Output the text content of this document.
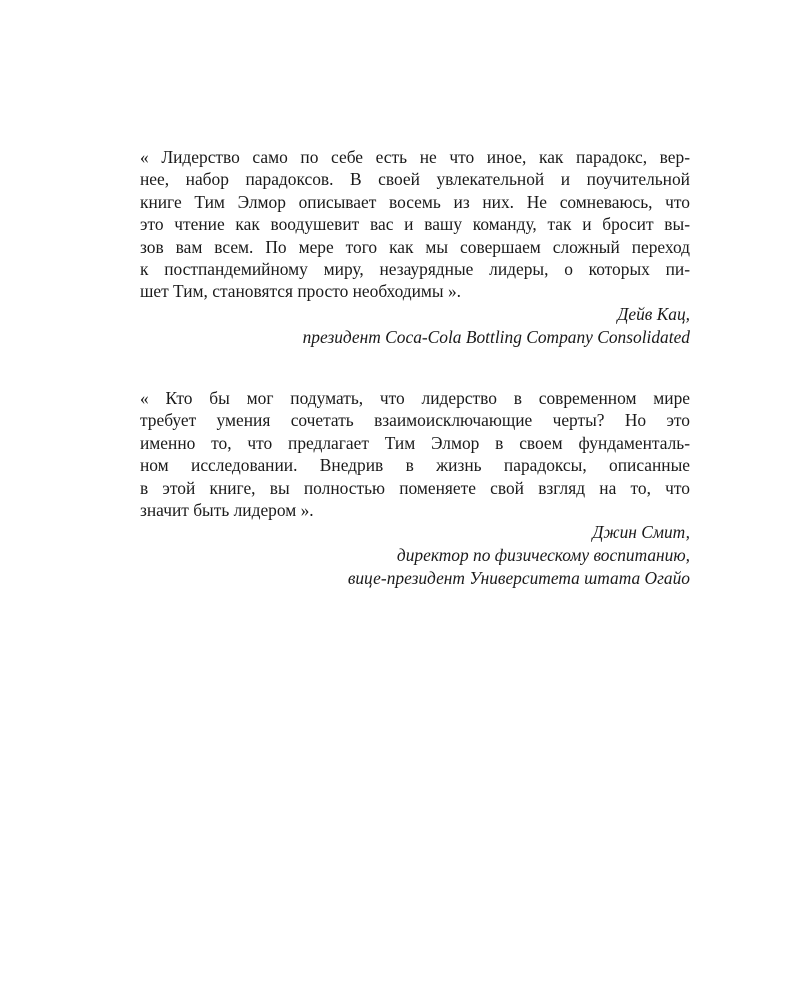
« Лидерство само по себе есть не что иное, как парадокс, вер-
нее, набор парадоксов. В своей увлекательной и поучительной
книге Тим Элмор описывает восемь из них. Не сомневаюсь, что
это чтение как воодушевит вас и вашу команду, так и бросит вы-
зов вам всем. По мере того как мы совершаем сложный переход
к постпандемийному миру, незаурядные лидеры, о которых пи-
шет Тим, становятся просто необходимы ».

Дейв Кац,
президент Coca-Cola Bottling Company Consolidated

« Кто бы мог подумать, что лидерство в современном мире
требует умения сочетать взаимоисключающие черты? Но это
именно то, что предлагает Тим Элмор в своем фундаменталь-
ном исследовании. Внедрив в жизнь парадоксы, описанные
в этой книге, вы полностью поменяете свой взгляд на то, что
значит быть лидером ».

Джин Смит,
директор по физическому воспитанию,
вице-президент Университета штата Огайо
